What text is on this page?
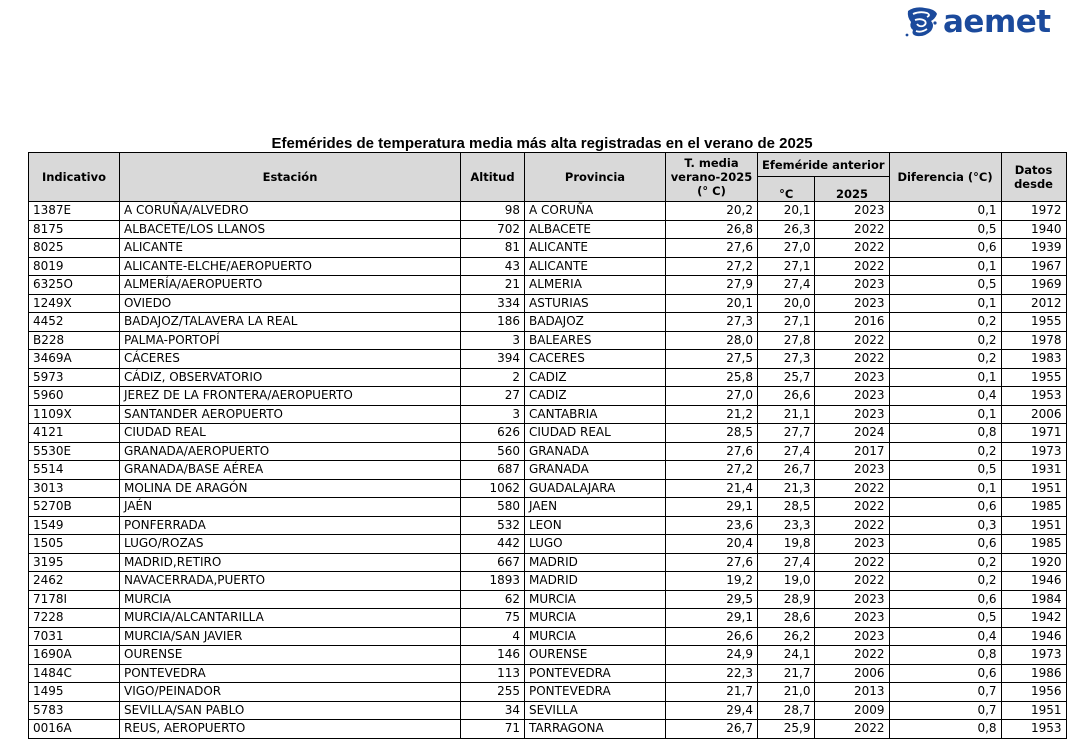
aemet
Efemérides de temperatura media más alta registradas en el verano de 2025
Indicativo	Estación	Altitud	Provincia	T. media verano-2025 (° C)	Efeméride anterior		Diferencia (°C)	Datos desde
					°C	2025		
1387E	A CORUÑA/ALVEDRO	98	A CORUÑA	20,2	20,1	2023	0,1	1972
8175	ALBACETE/LOS LLANOS	702	ALBACETE	26,8	26,3	2022	0,5	1940
8025	ALICANTE	81	ALICANTE	27,6	27,0	2022	0,6	1939
8019	ALICANTE-ELCHE/AEROPUERTO	43	ALICANTE	27,2	27,1	2022	0,1	1967
6325O	ALMERÍA/AEROPUERTO	21	ALMERIA	27,9	27,4	2023	0,5	1969
1249X	OVIEDO	334	ASTURIAS	20,1	20,0	2023	0,1	2012
4452	BADAJOZ/TALAVERA LA REAL	186	BADAJOZ	27,3	27,1	2016	0,2	1955
B228	PALMA-PORTOPÍ	3	BALEARES	28,0	27,8	2022	0,2	1978
3469A	CÁCERES	394	CACERES	27,5	27,3	2022	0,2	1983
5973	CÁDIZ, OBSERVATORIO	2	CADIZ	25,8	25,7	2023	0,1	1955
5960	JEREZ DE LA FRONTERA/AEROPUERTO	27	CADIZ	27,0	26,6	2023	0,4	1953
1109X	SANTANDER AEROPUERTO	3	CANTABRIA	21,2	21,1	2023	0,1	2006
4121	CIUDAD REAL	626	CIUDAD REAL	28,5	27,7	2024	0,8	1971
5530E	GRANADA/AEROPUERTO	560	GRANADA	27,6	27,4	2017	0,2	1973
5514	GRANADA/BASE AÉREA	687	GRANADA	27,2	26,7	2023	0,5	1931
3013	MOLINA DE ARAGÓN	1062	GUADALAJARA	21,4	21,3	2022	0,1	1951
5270B	JAÉN	580	JAEN	29,1	28,5	2022	0,6	1985
1549	PONFERRADA	532	LEON	23,6	23,3	2022	0,3	1951
1505	LUGO/ROZAS	442	LUGO	20,4	19,8	2023	0,6	1985
3195	MADRID,RETIRO	667	MADRID	27,6	27,4	2022	0,2	1920
2462	NAVACERRADA,PUERTO	1893	MADRID	19,2	19,0	2022	0,2	1946
7178I	MURCIA	62	MURCIA	29,5	28,9	2023	0,6	1984
7228	MURCIA/ALCANTARILLA	75	MURCIA	29,1	28,6	2023	0,5	1942
7031	MURCIA/SAN JAVIER	4	MURCIA	26,6	26,2	2023	0,4	1946
1690A	OURENSE	146	OURENSE	24,9	24,1	2022	0,8	1973
1484C	PONTEVEDRA	113	PONTEVEDRA	22,3	21,7	2006	0,6	1986
1495	VIGO/PEINADOR	255	PONTEVEDRA	21,7	21,0	2013	0,7	1956
5783	SEVILLA/SAN PABLO	34	SEVILLA	29,4	28,7	2009	0,7	1951
0016A	REUS, AEROPUERTO	71	TARRAGONA	26,7	25,9	2022	0,8	1953
